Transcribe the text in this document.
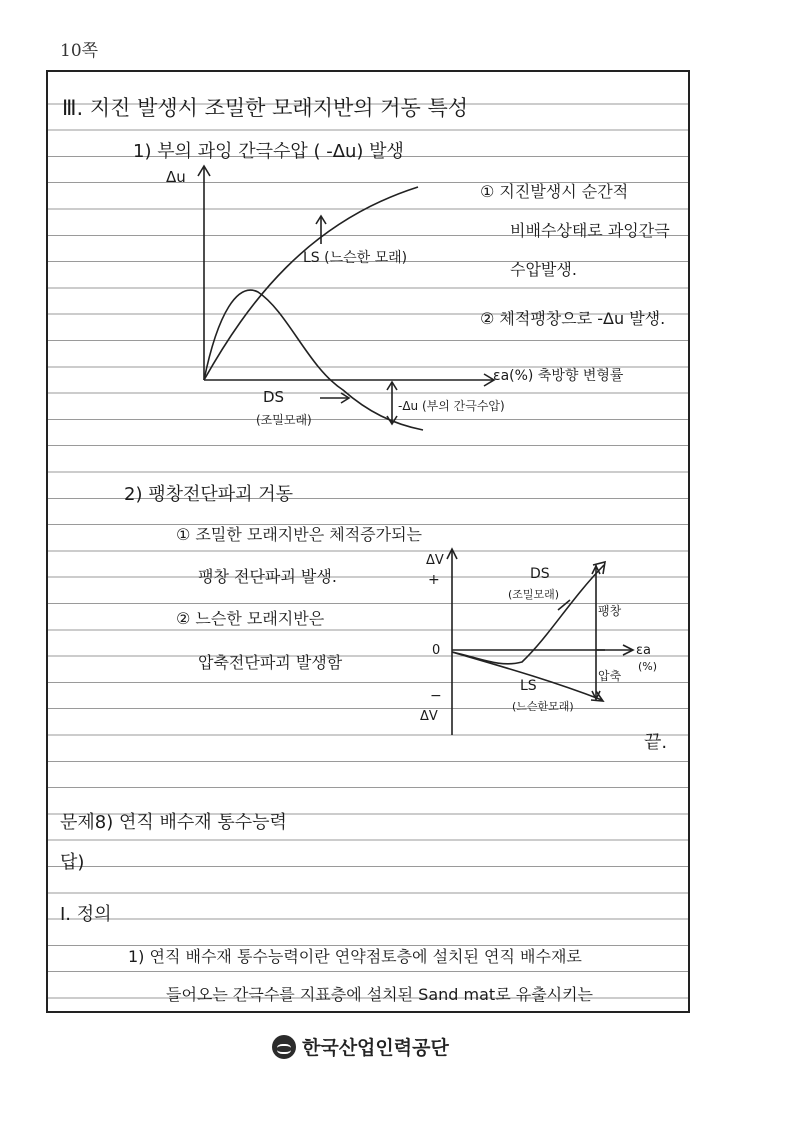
10쪽
Ⅲ. 지진 발생시 조밀한 모래지반의 거동 특성
1) 부의 과잉 간극수압 ( -Δu) 발생
Δu
LS (느슨한 모래)
DS
(조밀모래)
-Δu (부의 간극수압)
εa(%) 축방향 변형률
① 지진발생시 순간적
비배수상태로 과잉간극
수압발생.
② 체적팽창으로 -Δu 발생.
2) 팽창전단파괴 거동
① 조밀한 모래지반은 체적증가되는
팽창 전단파괴 발생.
② 느슨한 모래지반은
압축전단파괴 발생함
ΔV
+
0
−
ΔV
DS
(조밀모래)
LS
(느슨한모래)
팽창
압축
εa
(%)
끝.
문제8) 연직 배수재 통수능력
답)
Ⅰ. 정의
1) 연직 배수재 통수능력이란 연약점토층에 설치된 연직 배수재로
들어오는 간극수를 지표층에 설치된 Sand mat로 유출시키는
한국산업인력공단
